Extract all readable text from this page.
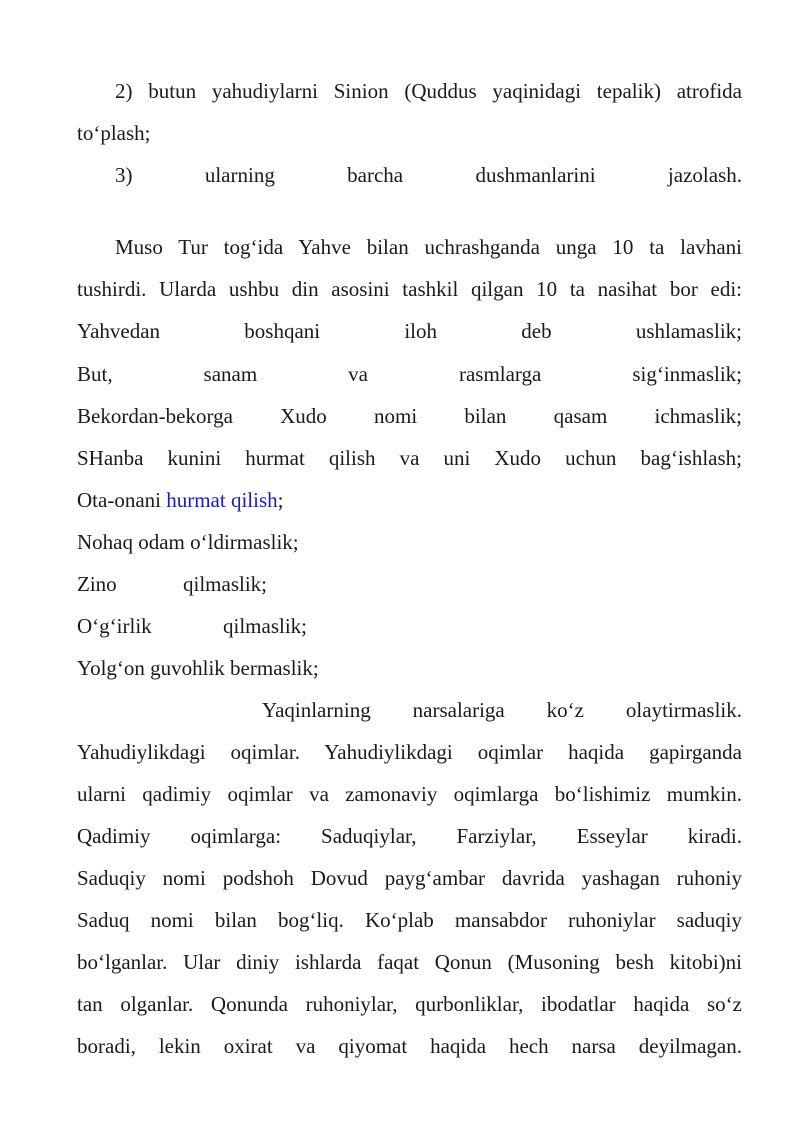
2) butun yahudiylarni Sinion (Quddus yaqinidagi tepalik) atrofida
to‘plash;
3) ularning barcha dushmanlarini jazolash.
Muso Tur tog‘ida Yahve bilan uchrashganda unga 10 ta lavhani
tushirdi. Ularda ushbu din asosini tashkil qilgan 10 ta nasihat bor edi:
Yahvedan boshqani iloh deb ushlamaslik;
But, sanam va rasmlarga sig‘inmaslik;
Bekordan-bekorga Xudo nomi bilan qasam ichmaslik;
SHanba kunini hurmat qilish va uni Xudo uchun bag‘ishlash;
Ota-onani hurmat qilish;
Nohaq odam o‘ldirmaslik;
Zino qilmaslik;
O‘g‘irlik qilmaslik;
Yolg‘on guvohlik bermaslik;
Yaqinlarning narsalariga ko‘z olaytirmaslik.
Yahudiylikdagi oqimlar. Yahudiylikdagi oqimlar haqida gapirganda
ularni qadimiy oqimlar va zamonaviy oqimlarga bo‘lishimiz mumkin.
Qadimiy oqimlarga: Saduqiylar, Farziylar, Esseylar kiradi.
Saduqiy nomi podshoh Dovud payg‘ambar davrida yashagan ruhoniy
Saduq nomi bilan bog‘liq. Ko‘plab mansabdor ruhoniylar saduqiy
bo‘lganlar. Ular diniy ishlarda faqat Qonun (Musoning besh kitobi)ni
tan olganlar. Qonunda ruhoniylar, qurbonliklar, ibodatlar haqida so‘z
boradi, lekin oxirat va qiyomat haqida hech narsa deyilmagan.
